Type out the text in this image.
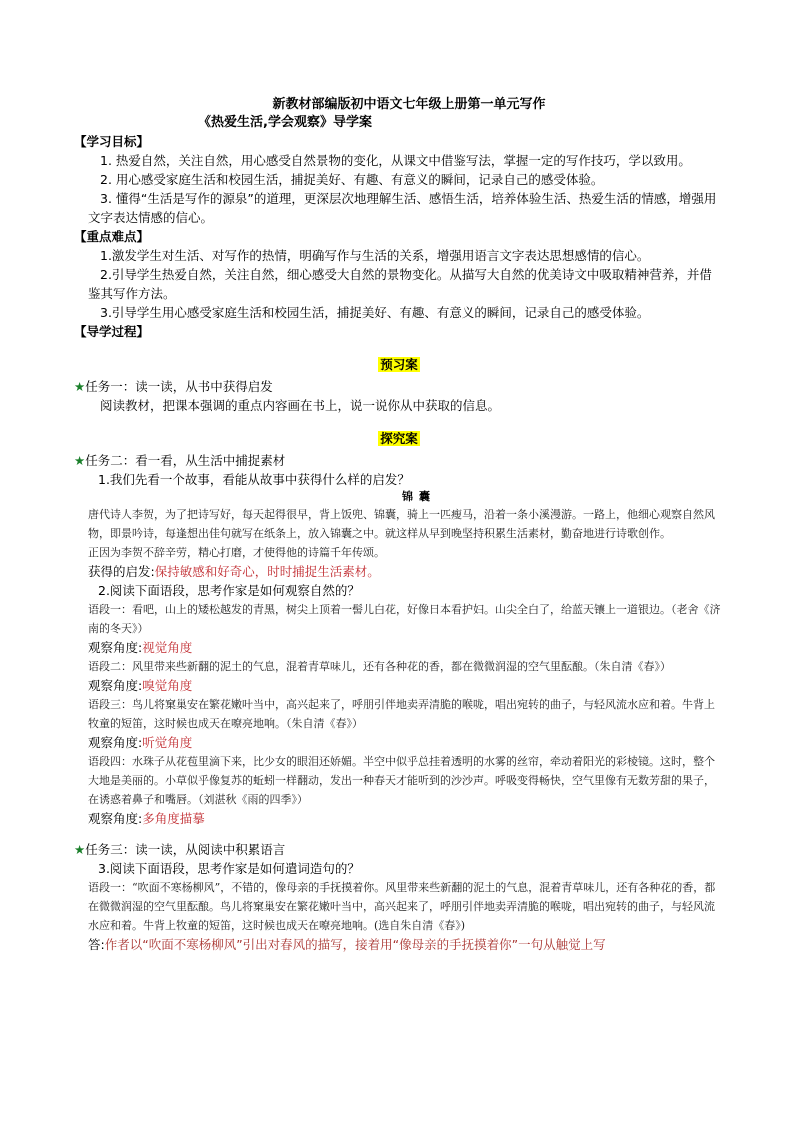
新教材部编版初中语文七年级上册第一单元写作
《热爱生活,学会观察》导学案
【学习目标】
1. 热爱自然，关注自然，用心感受自然景物的变化，从课文中借鉴写法，掌握一定的写作技巧，学以致用。
2. 用心感受家庭生活和校园生活，捕捉美好、有趣、有意义的瞬间，记录自己的感受体验。
3. 懂得“生活是写作的源泉”的道理，更深层次地理解生活、感悟生活，培养体验生活、热爱生活的情感，增强用文字表达情感的信心。
【重点难点】
1.激发学生对生活、对写作的热情，明确写作与生活的关系，增强用语言文字表达思想感情的信心。
2.引导学生热爱自然，关注自然，细心感受大自然的景物变化。从描写大自然的优美诗文中吸取精神营养，并借鉴其写作方法。
3.引导学生用心感受家庭生活和校园生活，捕捉美好、有趣、有意义的瞬间，记录自己的感受体验。
【导学过程】
预习案
★任务一：读一读，从书中获得启发
阅读教材，把课本强调的重点内容画在书上，说一说你从中获取的信息。
探究案
★任务二：看一看，从生活中捕捉素材
1.我们先看一个故事，看能从故事中获得什么样的启发？
锦囊
唐代诗人李贺，为了把诗写好，每天起得很早，背上饭兜、锦囊，骑上一匹瘦马，沿着一条小溪漫游。一路上，他细心观察自然风物，即景吟诗，每逢想出佳句就写在纸条上，放入锦囊之中。就这样从早到晚坚持积累生活素材，勤奋地进行诗歌创作。
正因为李贺不辞辛劳，精心打磨，才使得他的诗篇千年传颂。
获得的启发:保持敏感和好奇心，时时捕捉生活素材。
2.阅读下面语段，思考作家是如何观察自然的？
语段一：看吧，山上的矮松越发的青黑，树尖上顶着一髻儿白花，好像日本看护妇。山尖全白了，给蓝天镶上一道银边。（老舍《济南的冬天》）
观察角度:视觉角度
语段二：风里带来些新翻的泥土的气息，混着青草味儿，还有各种花的香，都在微微润湿的空气里酝酿。（朱自清《春》）
观察角度:嗅觉角度
语段三：鸟儿将窠巢安在繁花嫩叶当中，高兴起来了，呼朋引伴地卖弄清脆的喉咙，唱出宛转的曲子，与轻风流水应和着。牛背上牧童的短笛，这时候也成天在嘹亮地响。（朱自清《春》）
观察角度:听觉角度
语段四：水珠子从花苞里滴下来，比少女的眼泪还娇媚。半空中似乎总挂着透明的水雾的丝帘，牵动着阳光的彩棱镜。这时，整个大地是美丽的。小草似乎像复苏的蚯蚓一样翻动，发出一种春天才能听到的沙沙声。呼吸变得畅快，空气里像有无数芳甜的果子，在诱惑着鼻子和嘴唇。（刘湛秋《雨的四季》）
观察角度:多角度描摹
★任务三：读一读，从阅读中积累语言
3.阅读下面语段，思考作家是如何遣词造句的？
语段一：“吹面不寒杨柳风”，不错的，像母亲的手抚摸着你。风里带来些新翻的泥土的气息，混着青草味儿，还有各种花的香，都在微微润湿的空气里酝酿。鸟儿将窠巢安在繁花嫩叶当中，高兴起来了，呼朋引伴地卖弄清脆的喉咙，唱出宛转的曲子，与轻风流水应和着。牛背上牧童的短笛，这时候也成天在嘹亮地响。(选自朱自清《春》)
答:作者以“吹面不寒杨柳风”引出对春风的描写，接着用“像母亲的手抚摸着你”一句从触觉上写
